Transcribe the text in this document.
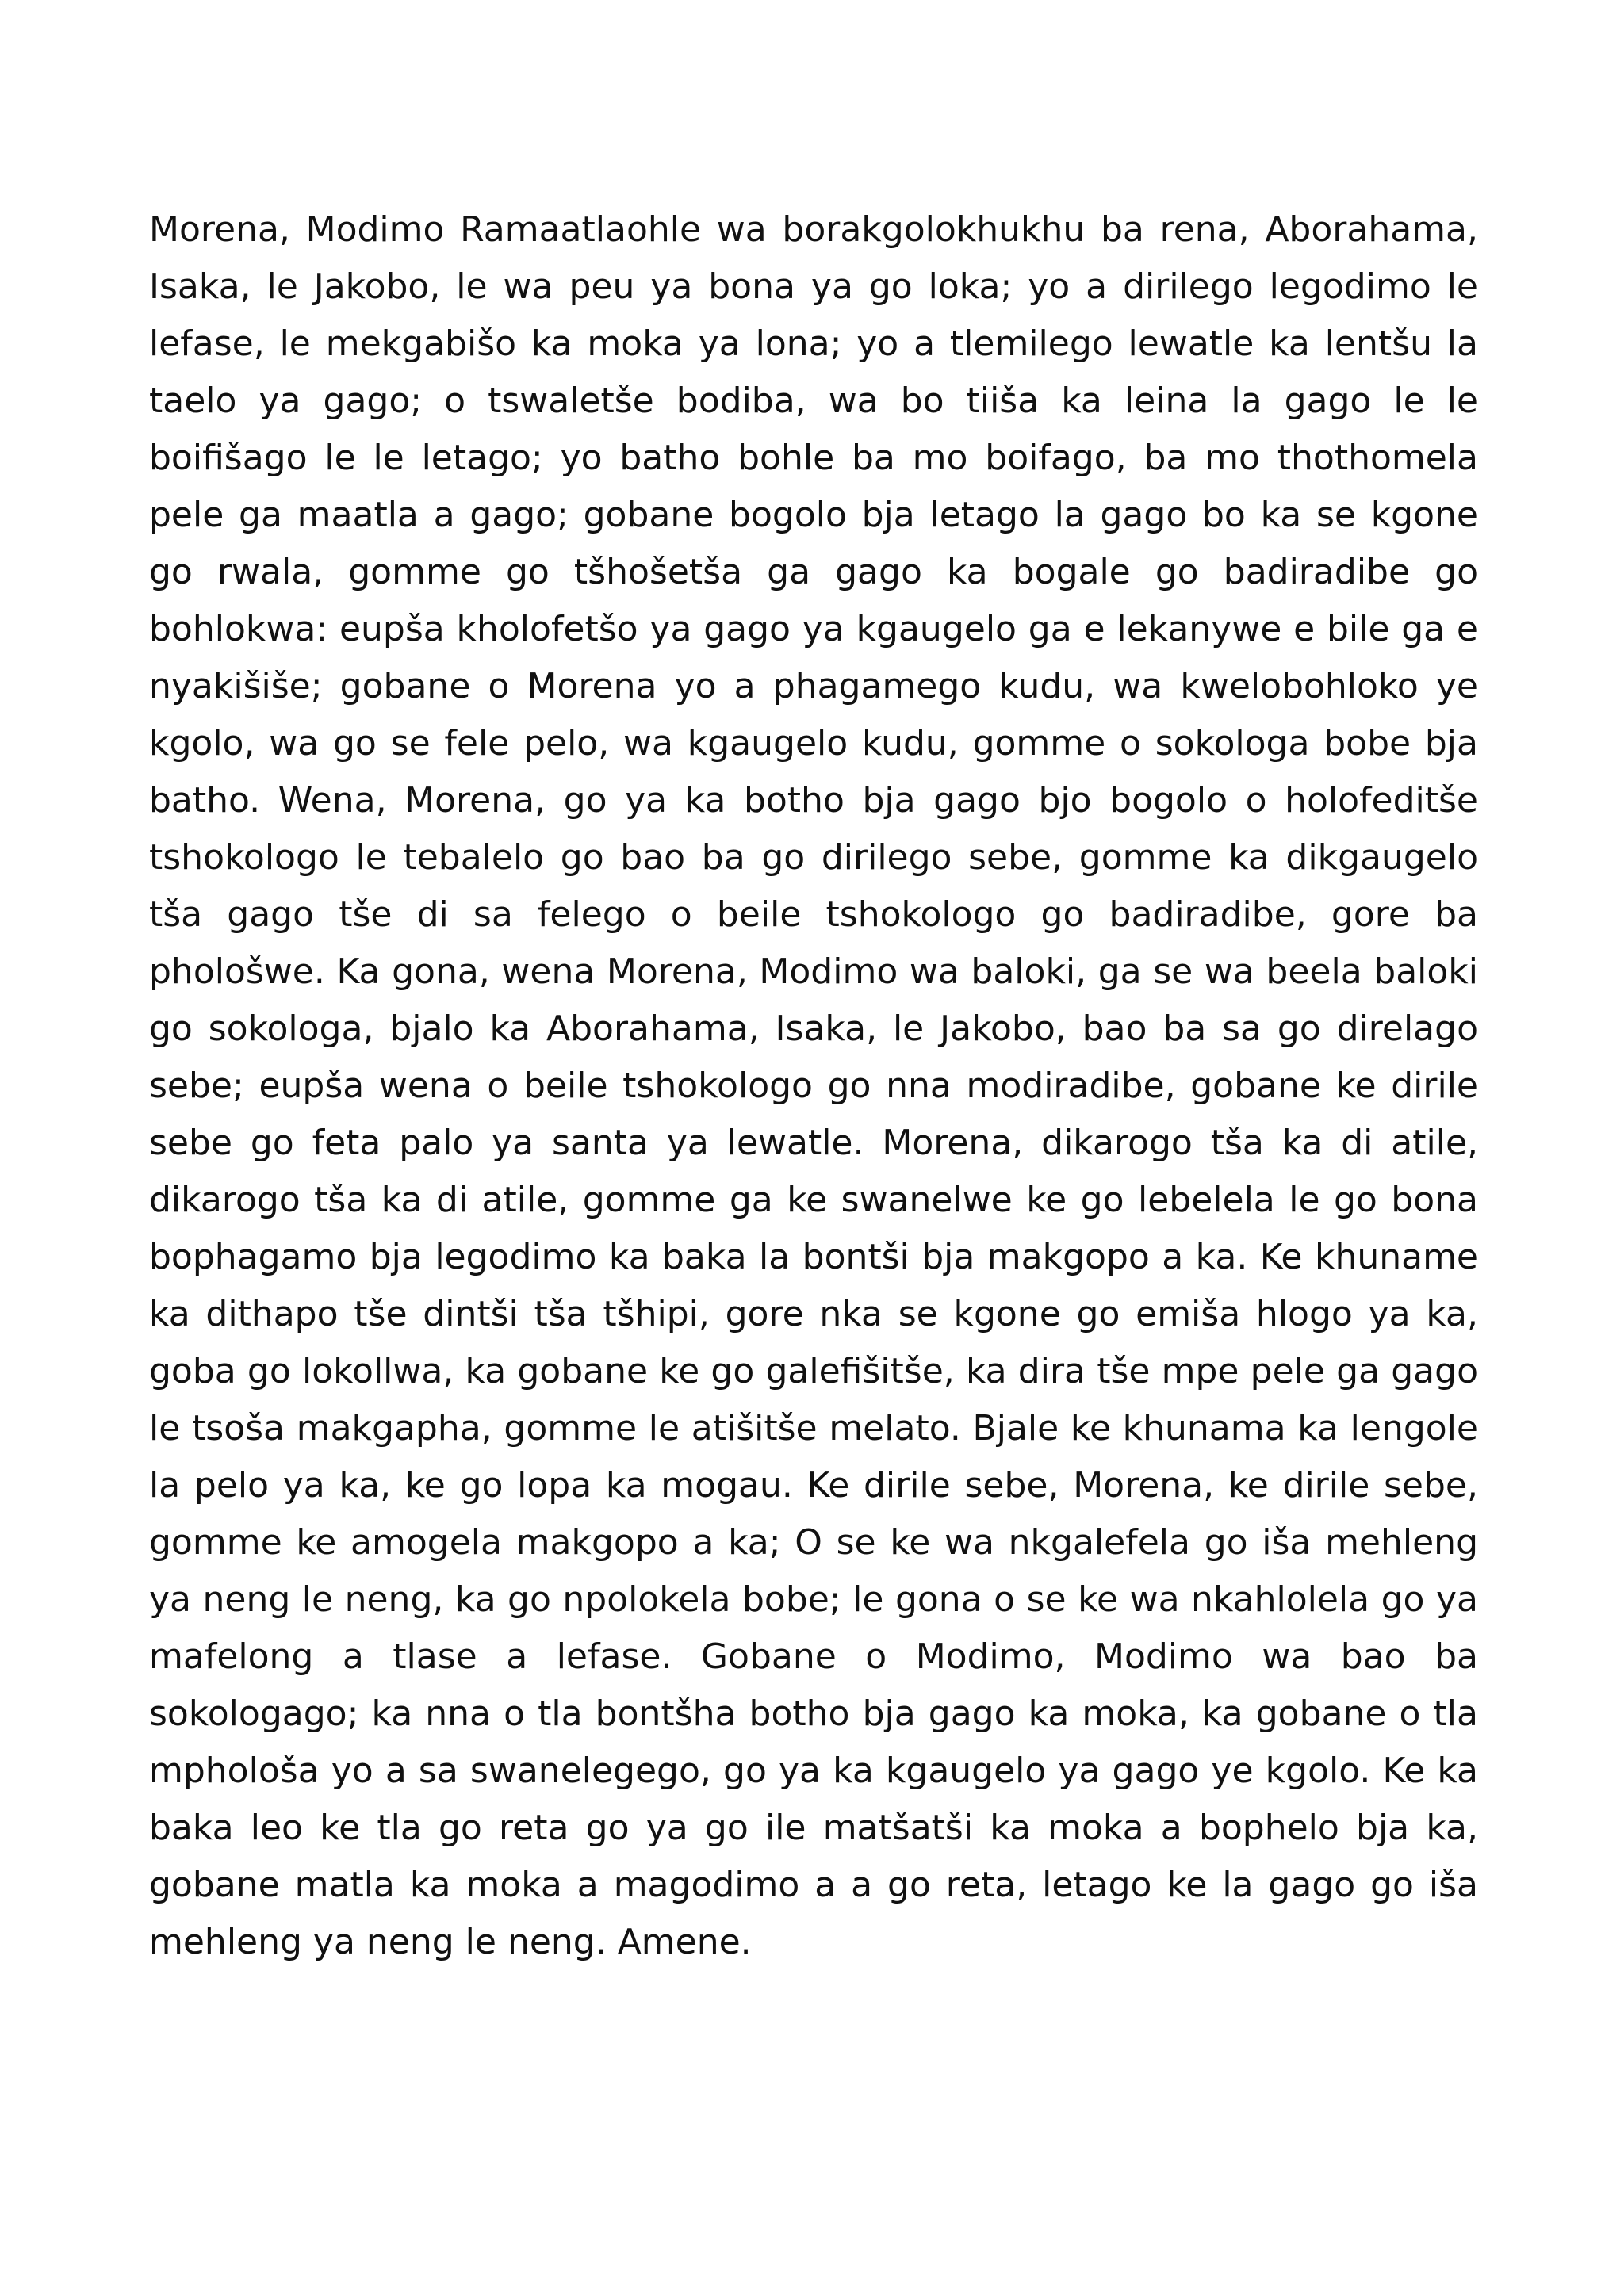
Morena, Modimo Ramaatlaohle wa borakgolokhukhu ba rena, Aborahama, Isaka, le Jakobo, le wa peu ya bona ya go loka; yo a dirilego legodimo le lefase, le mekgabišo ka moka ya lona; yo a tlemilego lewatle ka lentšu la taelo ya gago; o tswaletše bodiba, wa bo tiiša ka leina la gago le le boifišago le le letago; yo batho bohle ba mo boifago, ba mo thothomela pele ga maatla a gago; gobane bogolo bja letago la gago bo ka se kgone go rwala, gomme go tšhošetša ga gago ka bogale go badiradibe go bohlokwa: eupša kholofetšo ya gago ya kgaugelo ga e lekanywe e bile ga e nyakišiše; gobane o Morena yo a phagamego kudu, wa kwelobohloko ye kgolo, wa go se fele pelo, wa kgaugelo kudu, gomme o sokologa bobe bja batho. Wena, Morena, go ya ka botho bja gago bjo bogolo o holofeditše tshokologo le tebalelo go bao ba go dirilego sebe, gomme ka dikgaugelo tša gago tše di sa felego o beile tshokologo go badiradibe, gore ba phološwe. Ka gona, wena Morena, Modimo wa baloki, ga se wa beela baloki go sokologa, bjalo ka Aborahama, Isaka, le Jakobo, bao ba sa go direlago sebe; eupša wena o beile tshokologo go nna modiradibe, gobane ke dirile sebe go feta palo ya santa ya lewatle. Morena, dikarogo tša ka di atile, dikarogo tša ka di atile, gomme ga ke swanelwe ke go lebelela le go bona bophagamo bja legodimo ka baka la bontši bja makgopo a ka. Ke khuname ka dithapo tše dintši tša tšhipi, gore nka se kgone go emiša hlogo ya ka, goba go lokollwa, ka gobane ke go galefišitše, ka dira tše mpe pele ga gago le tsoša makgapha, gomme le atišitše melato. Bjale ke khunama ka lengole la pelo ya ka, ke go lopa ka mogau. Ke dirile sebe, Morena, ke dirile sebe, gomme ke amogela makgopo a ka; O se ke wa nkgalefela go iša mehleng ya neng le neng, ka go npolokela bobe; le gona o se ke wa nkahlolela go ya mafelong a tlase a lefase. Gobane o Modimo, Modimo wa bao ba sokologago; ka nna o tla bontšha botho bja gago ka moka, ka gobane o tla mphološa yo a sa swanelegego, go ya ka kgaugelo ya gago ye kgolo. Ke ka baka leo ke tla go reta go ya go ile matšatši ka moka a bophelo bja ka, gobane matla ka moka a magodimo a a go reta, letago ke la gago go iša mehleng ya neng le neng. Amene.
